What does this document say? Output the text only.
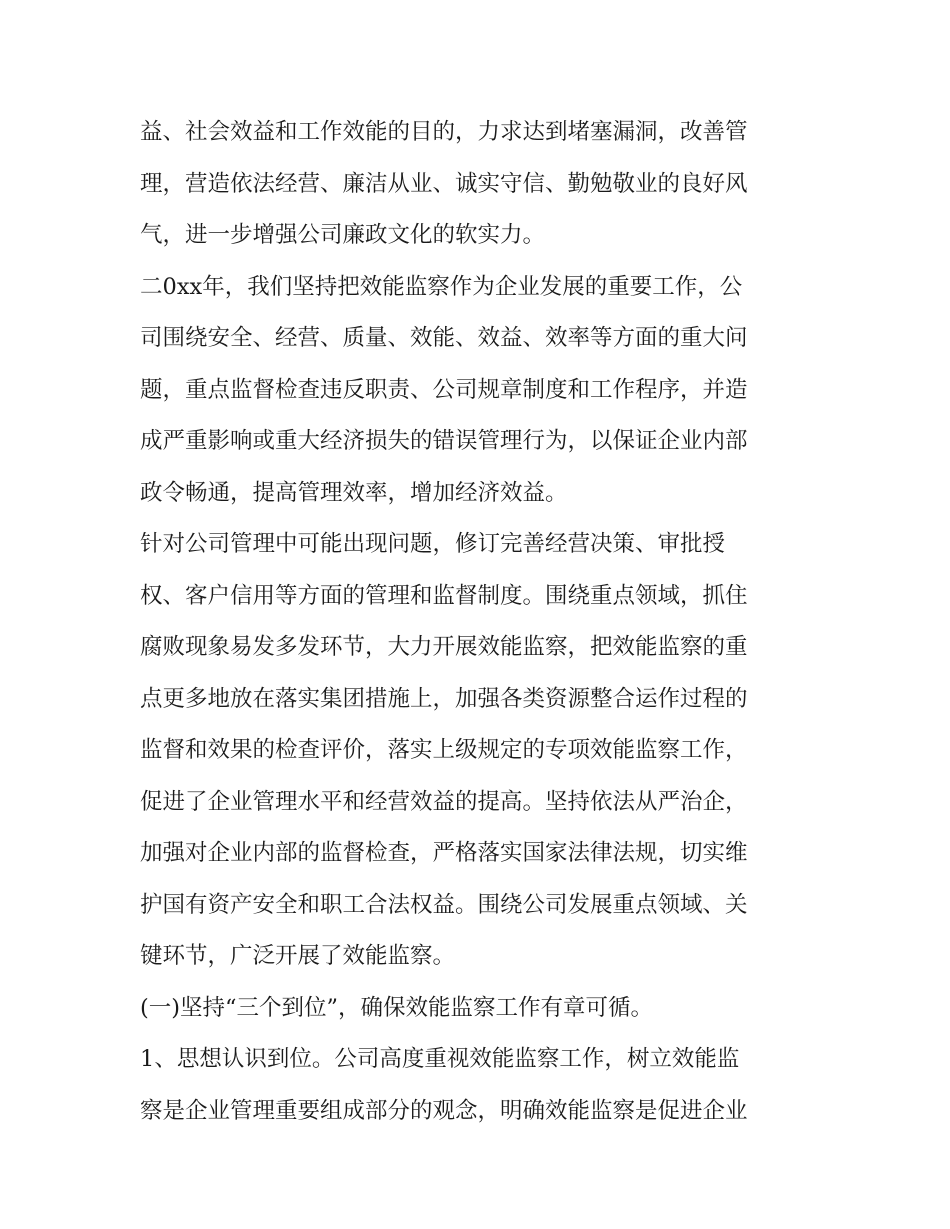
益、社会效益和工作效能的目的，力求达到堵塞漏洞，改善管
理，营造依法经营、廉洁从业、诚实守信、勤勉敬业的良好风
气，进一步增强公司廉政文化的软实力。
二0xx年，我们坚持把效能监察作为企业发展的重要工作，公
司围绕安全、经营、质量、效能、效益、效率等方面的重大问
题，重点监督检查违反职责、公司规章制度和工作程序，并造
成严重影响或重大经济损失的错误管理行为，以保证企业内部
政令畅通，提高管理效率，增加经济效益。
针对公司管理中可能出现问题，修订完善经营决策、审批授
权、客户信用等方面的管理和监督制度。围绕重点领域，抓住
腐败现象易发多发环节，大力开展效能监察，把效能监察的重
点更多地放在落实集团措施上，加强各类资源整合运作过程的
监督和效果的检查评价，落实上级规定的专项效能监察工作，
促进了企业管理水平和经营效益的提高。坚持依法从严治企，
加强对企业内部的监督检查，严格落实国家法律法规，切实维
护国有资产安全和职工合法权益。围绕公司发展重点领域、关
键环节，广泛开展了效能监察。
(一)坚持“三个到位”，确保效能监察工作有章可循。
1、思想认识到位。公司高度重视效能监察工作，树立效能监
察是企业管理重要组成部分的观念，明确效能监察是促进企业
